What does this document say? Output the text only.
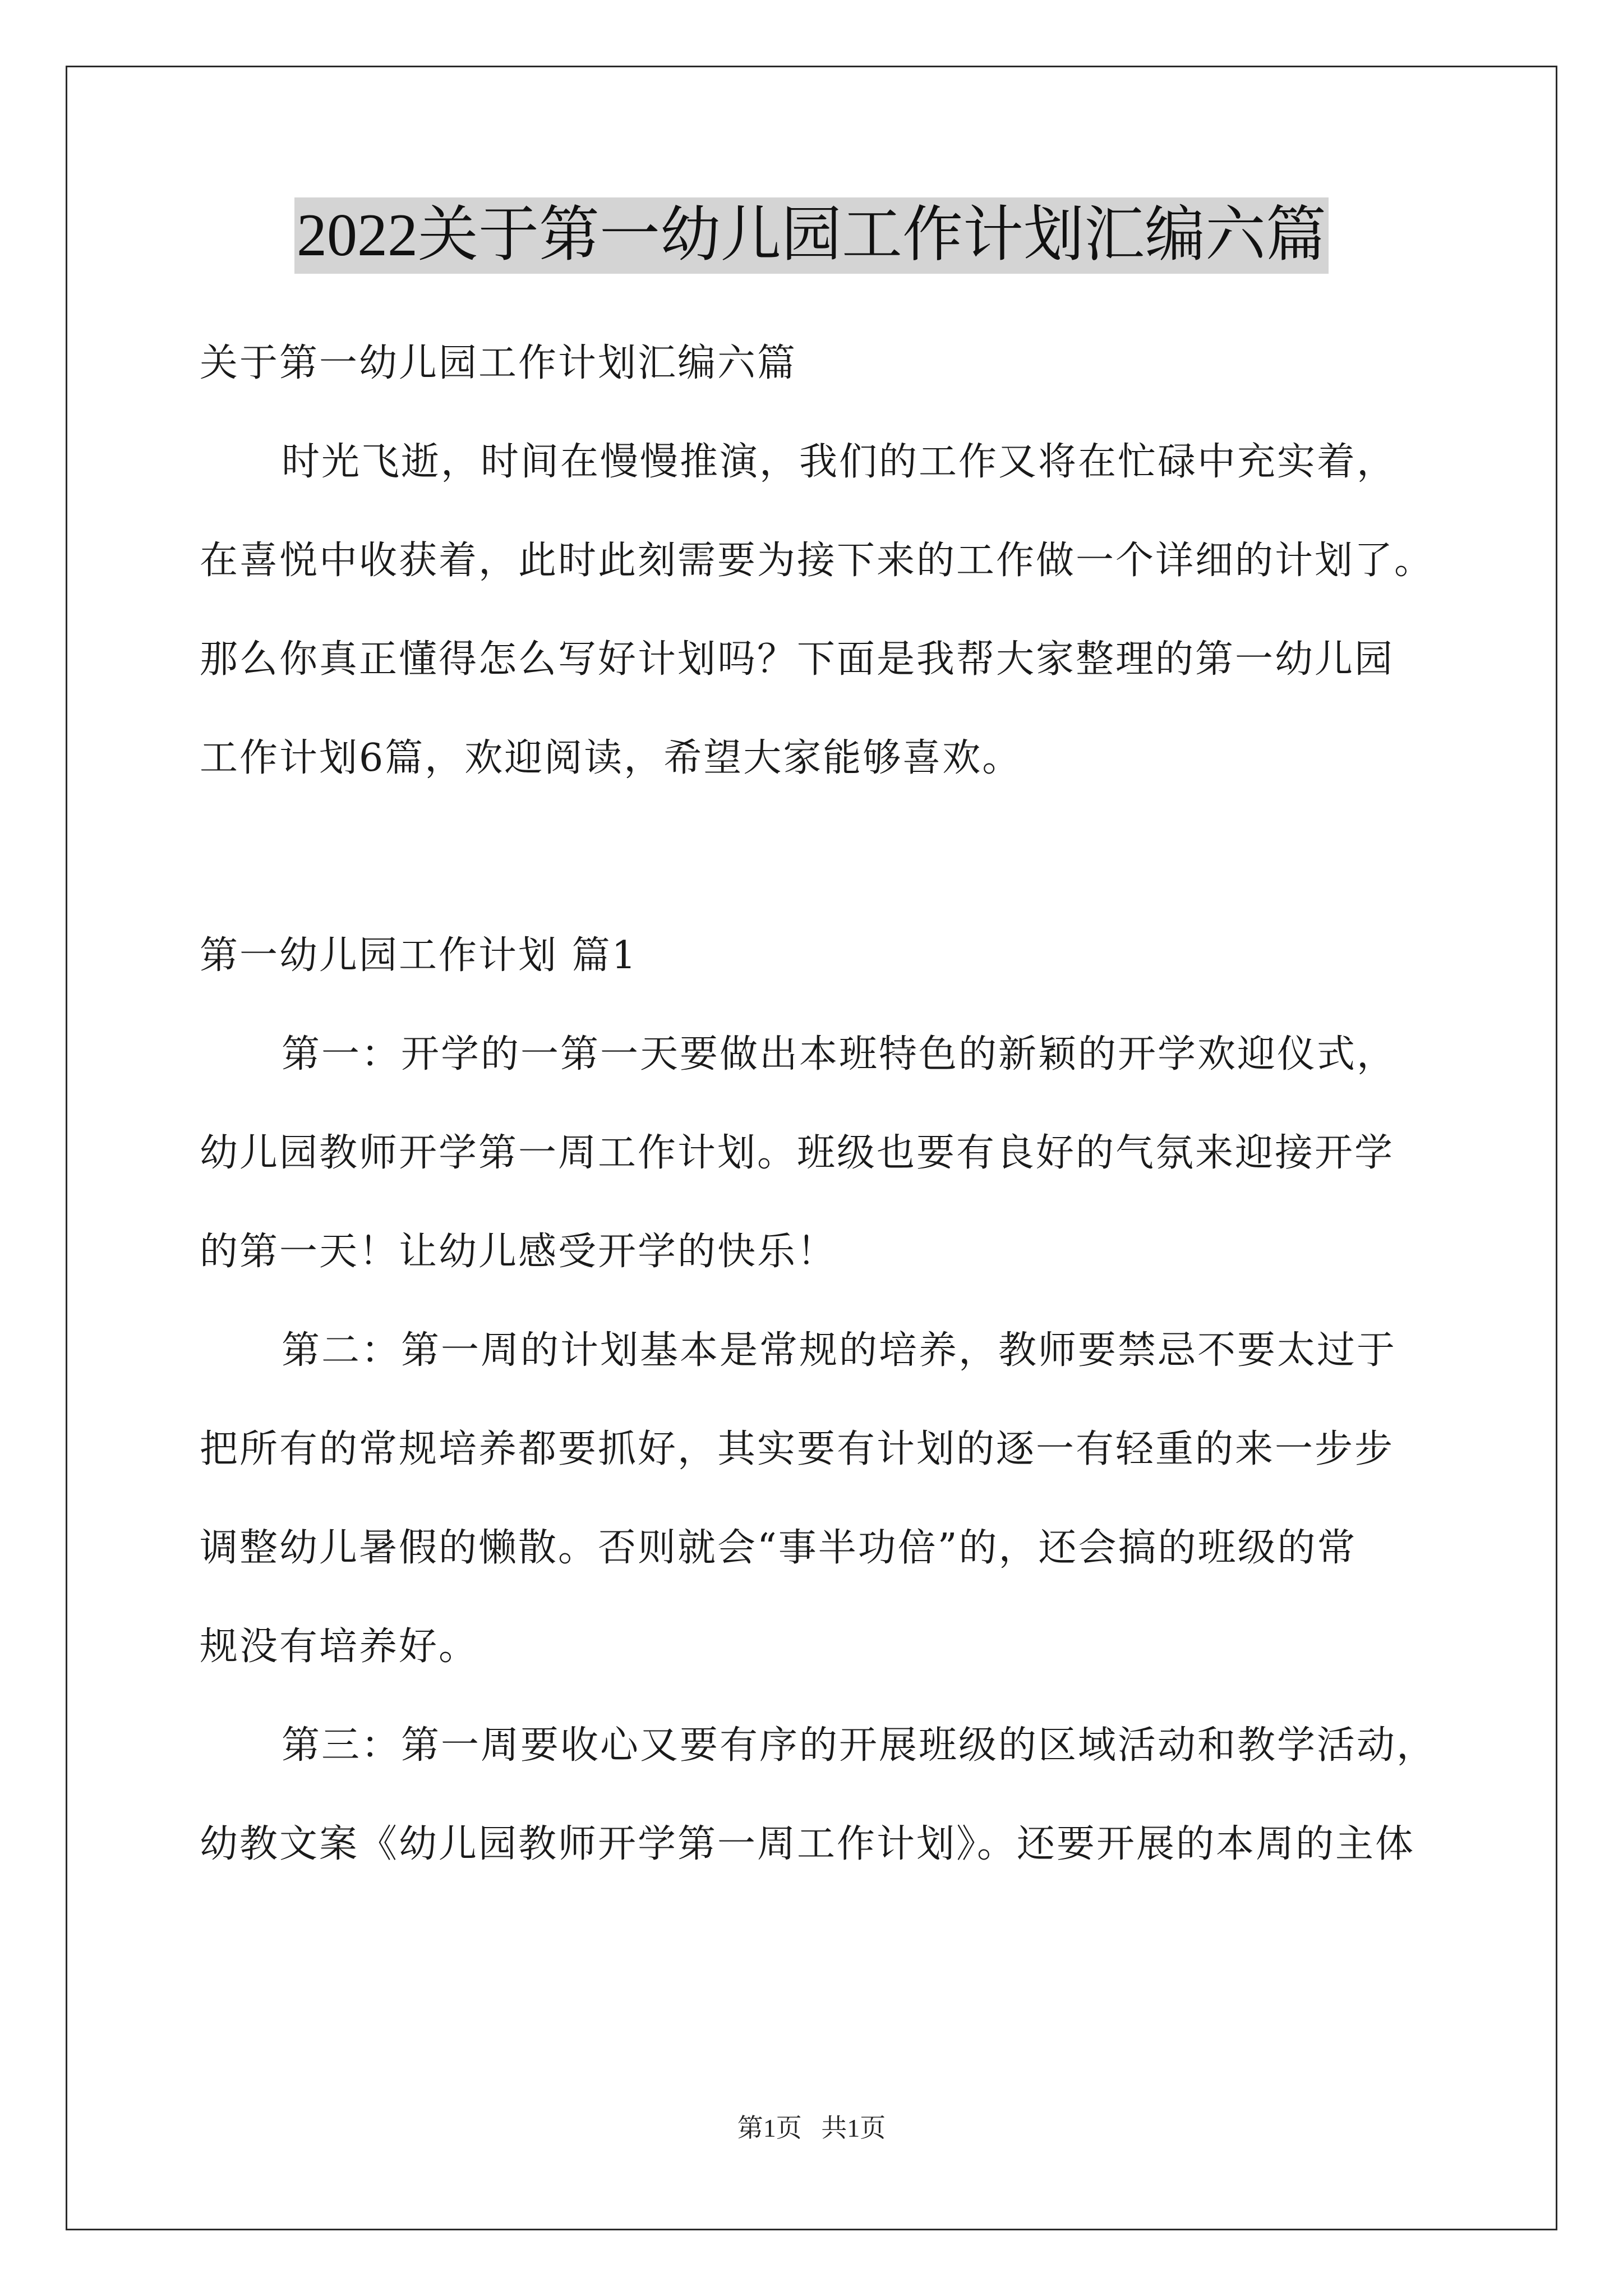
2022关于第一幼儿园工作计划汇编六篇
关于第一幼儿园工作计划汇编六篇
时光飞逝，时间在慢慢推演，我们的工作又将在忙碌中充实着，
在喜悦中收获着，此时此刻需要为接下来的工作做一个详细的计划了。
那么你真正懂得怎么写好计划吗？下面是我帮大家整理的第一幼儿园
工作计划6篇，欢迎阅读，希望大家能够喜欢。
第一幼儿园工作计划 篇1
第一：开学的一第一天要做出本班特色的新颖的开学欢迎仪式，
幼儿园教师开学第一周工作计划。班级也要有良好的气氛来迎接开学
的第一天！让幼儿感受开学的快乐！
第二：第一周的计划基本是常规的培养，教师要禁忌不要太过于
把所有的常规培养都要抓好，其实要有计划的逐一有轻重的来一步步
调整幼儿暑假的懒散。否则就会“事半功倍”的，还会搞的班级的常
规没有培养好。
第三：第一周要收心又要有序的开展班级的区域活动和教学活动，
幼教文案《幼儿园教师开学第一周工作计划》。还要开展的本周的主体
第1页   共1页
